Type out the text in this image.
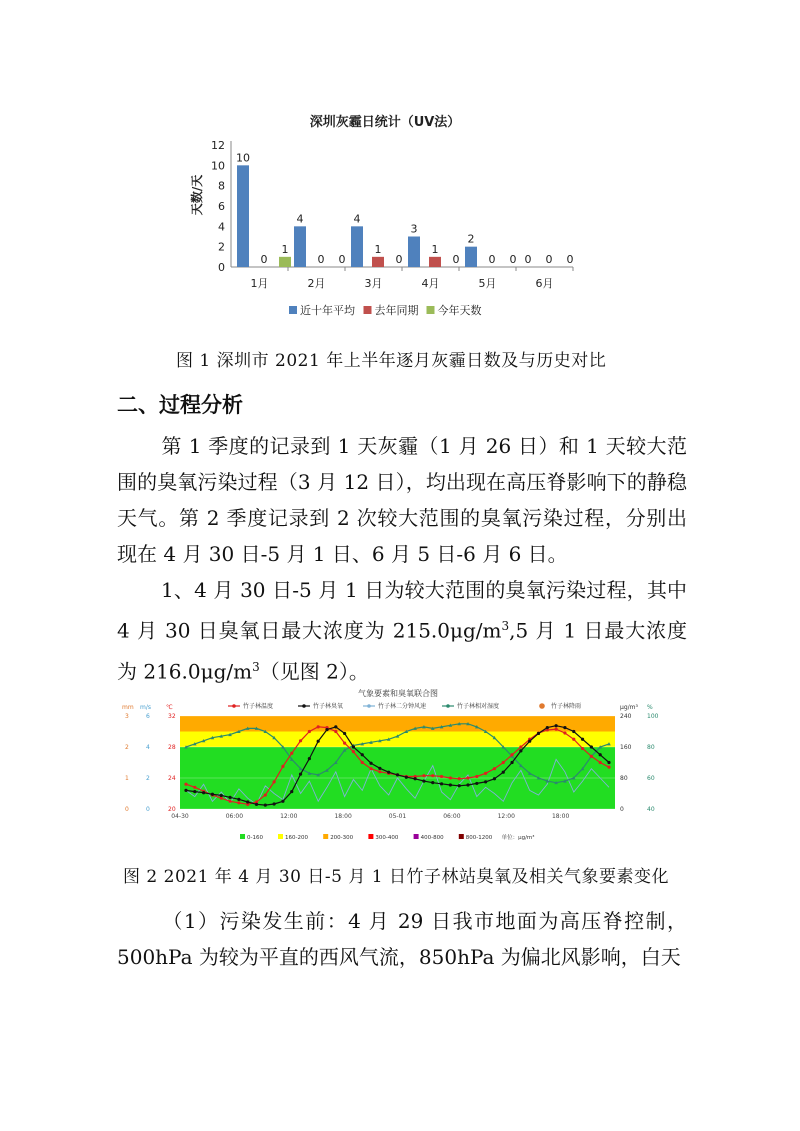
深圳灰霾日统计（UV法）
0
2
4
6
8
10
12
天数/天
1月
10
0
1
2月
4
0 0
3月
4
1
0
4月
3
1
0
5月
2
0 0
6月
0 0 0
近十年平均 去年同期 今年天数
图 1 深圳市 2021 年上半年逐月灰霾日数及与历史对比
二、过程分析

第 1 季度的记录到 1 天灰霾（1 月 26 日）和 1 天较大范围的臭氧污染过程（3 月 12 日），均出现在高压脊影响下的静稳天气。第 2 季度记录到 2 次较大范围的臭氧污染过程，分别出现在 4 月 30 日-5 月 1 日、6 月 5 日-6 月 6 日。

1、4 月 30 日-5 月 1 日为较大范围的臭氧污染过程，其中 4 月 30 日臭氧日最大浓度为 $215.0\mu g/m^3,5$ 月 1 日最大浓度为 $216.0\mu g/m^3$（见图 2）。

气象要素和臭氧联合图
竹子林温度	竹子林臭氧	竹子林二分钟风速	竹子林相对湿度	竹子林降雨
mm m/s	℃	μg/m³ %
3	6	32	240	100
2	4	28	160	80
1	2	24	80	60
0	0	20	0	40
04-30	06:00	12:00	18:00	05-01	06:00	12:00	18:00
0-160	160-200	200-300	300-400	400-800	800-1200 单位：μg/m³
图 2 2021 年 4 月 30 日-5 月 1 日竹子林站臭氧及相关气象要素变化

（1）污染发生前：4 月 29 日我市地面为高压脊控制，500hPa 为较为平直的西风气流，850hPa 为偏北风影响，白天
